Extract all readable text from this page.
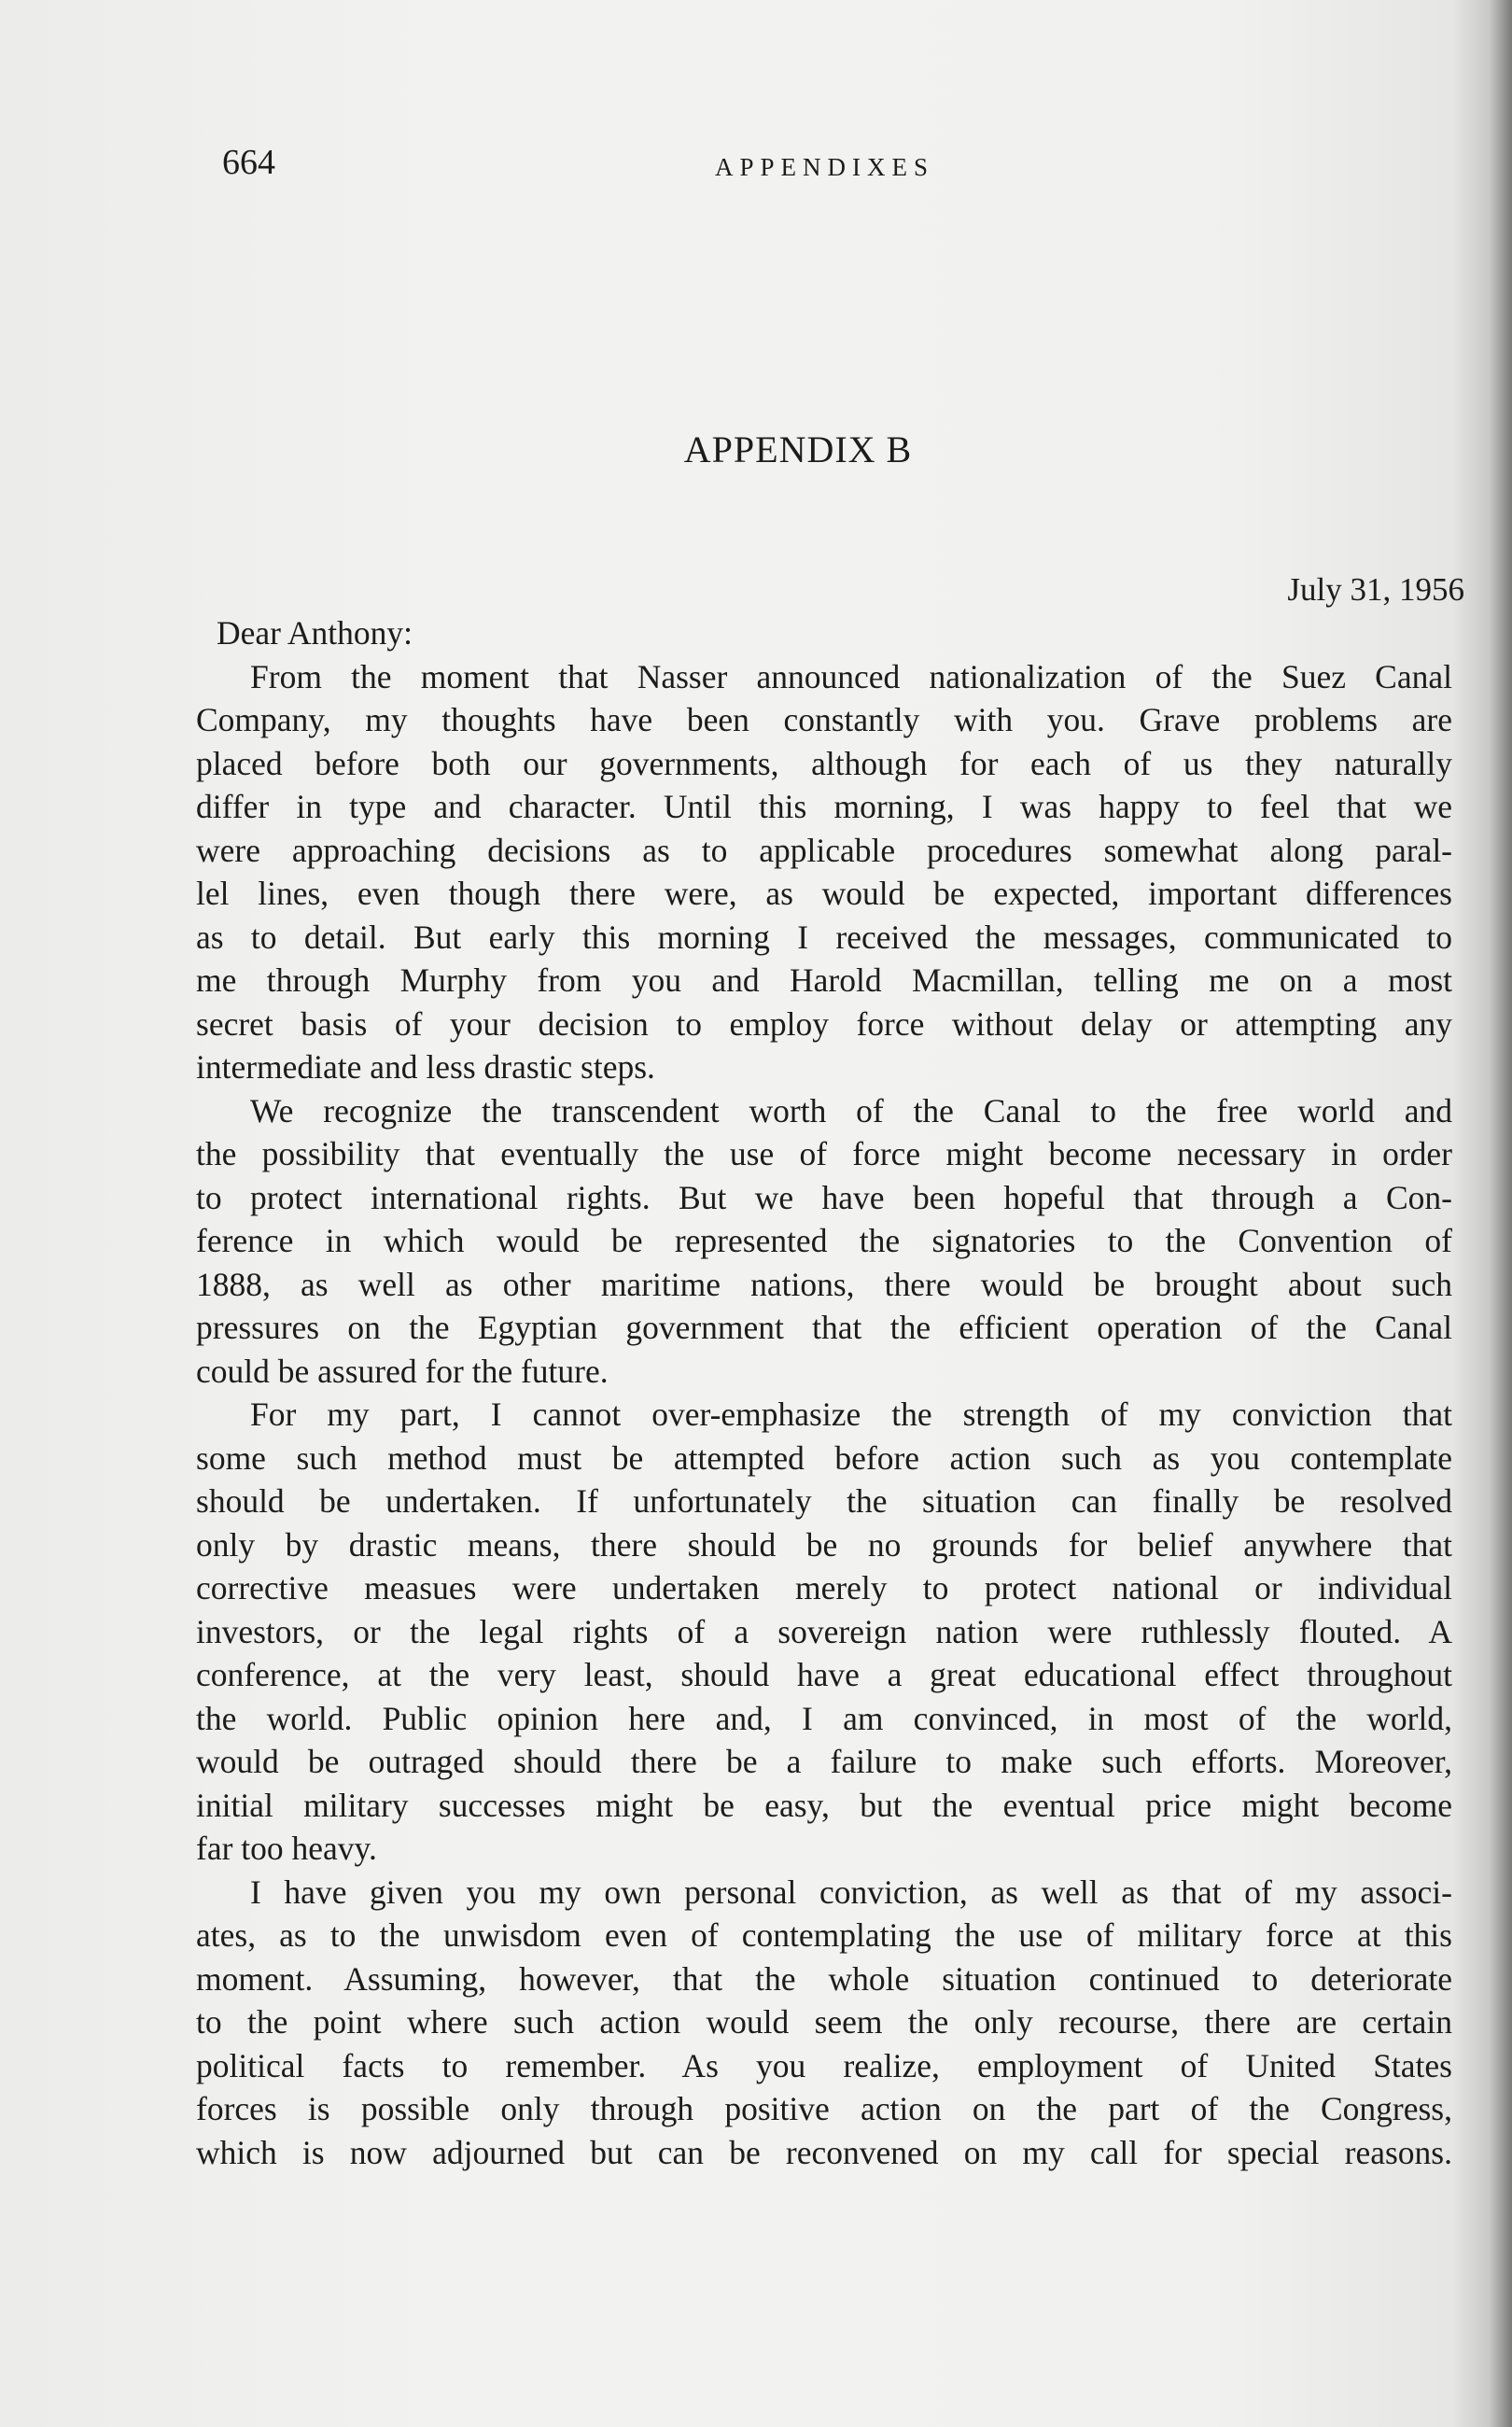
664	APPENDIXES
APPENDIX B
July 31, 1956
Dear Anthony:
From the moment that Nasser announced nationalization of the Suez Canal
Company, my thoughts have been constantly with you. Grave problems are
placed before both our governments, although for each of us they naturally
differ in type and character. Until this morning, I was happy to feel that we
were approaching decisions as to applicable procedures somewhat along paral-
lel lines, even though there were, as would be expected, important differences
as to detail. But early this morning I received the messages, communicated to
me through Murphy from you and Harold Macmillan, telling me on a most
secret basis of your decision to employ force without delay or attempting any
intermediate and less drastic steps.
We recognize the transcendent worth of the Canal to the free world and
the possibility that eventually the use of force might become necessary in order
to protect international rights. But we have been hopeful that through a Con-
ference in which would be represented the signatories to the Convention of
1888, as well as other maritime nations, there would be brought about such
pressures on the Egyptian government that the efficient operation of the Canal
could be assured for the future.
For my part, I cannot over-emphasize the strength of my conviction that
some such method must be attempted before action such as you contemplate
should be undertaken. If unfortunately the situation can finally be resolved
only by drastic means, there should be no grounds for belief anywhere that
corrective measues were undertaken merely to protect national or individual
investors, or the legal rights of a sovereign nation were ruthlessly flouted. A
conference, at the very least, should have a great educational effect throughout
the world. Public opinion here and, I am convinced, in most of the world,
would be outraged should there be a failure to make such efforts. Moreover,
initial military successes might be easy, but the eventual price might become
far too heavy.
I have given you my own personal conviction, as well as that of my associ-
ates, as to the unwisdom even of contemplating the use of military force at this
moment. Assuming, however, that the whole situation continued to deteriorate
to the point where such action would seem the only recourse, there are certain
political facts to remember. As you realize, employment of United States
forces is possible only through positive action on the part of the Congress,
which is now adjourned but can be reconvened on my call for special reasons.
